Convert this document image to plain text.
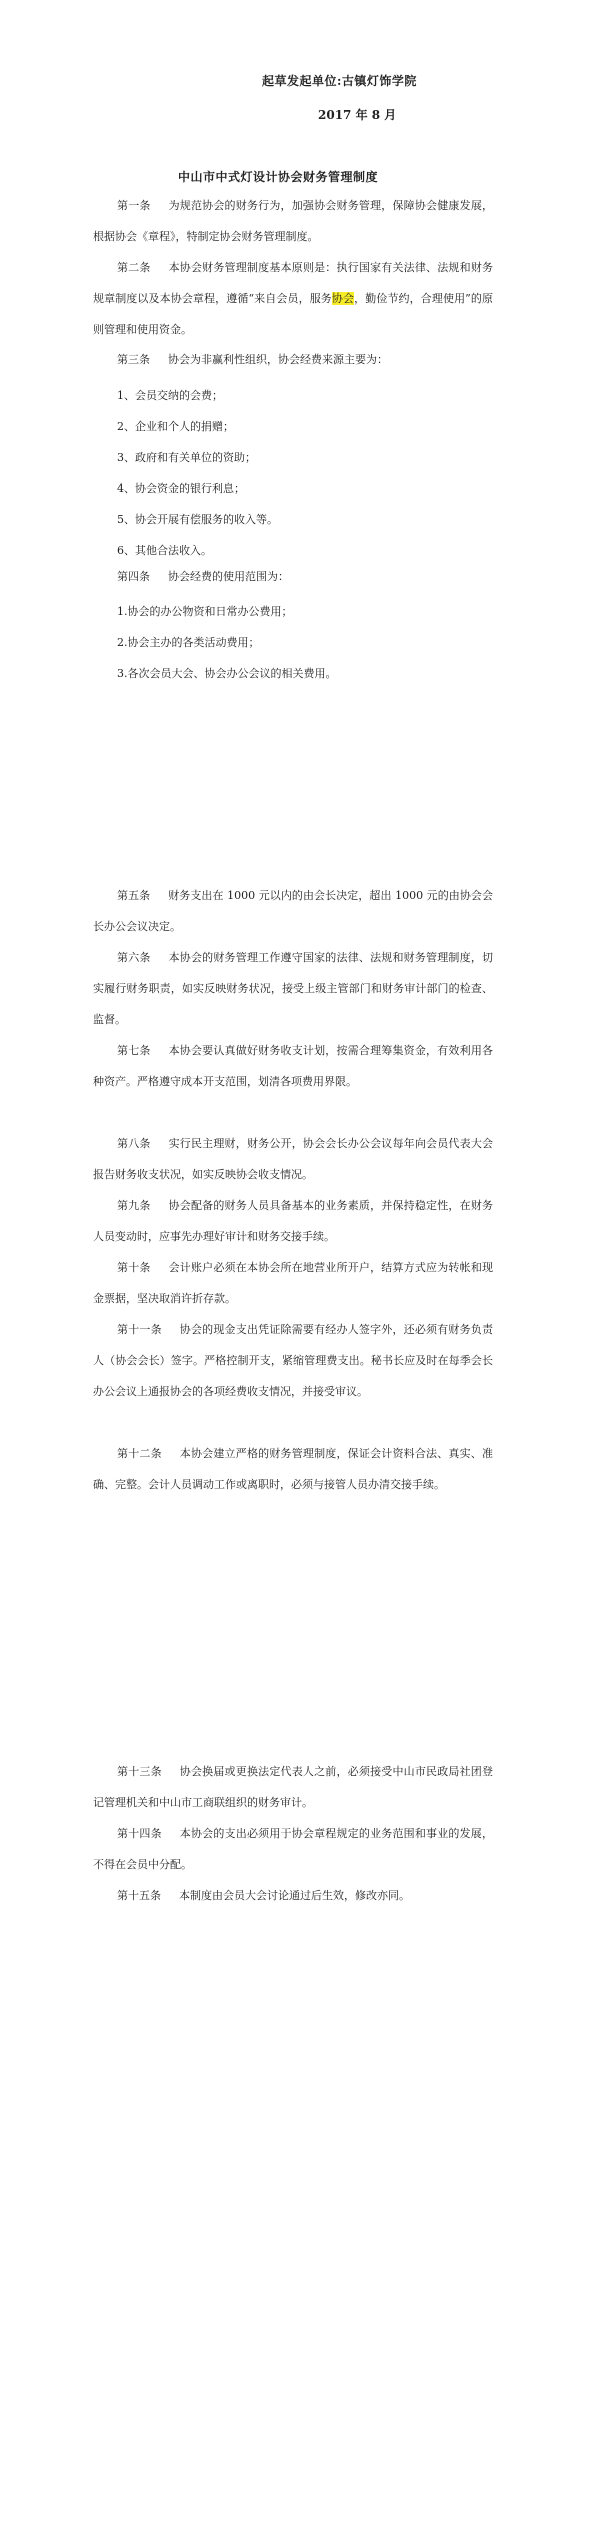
起草发起单位:古镇灯饰学院
2017 年 8 月
中山市中式灯设计协会财务管理制度

第一条 为规范协会的财务行为，加强协会财务管理，保障协会健康发展，根据协会《章程》，特制定协会财务管理制度。

第二条 本协会财务管理制度基本原则是：执行国家有关法律、法规和财务规章制度以及本协会章程，遵循“来自会员，服务协会，勤俭节约，合理使用”的原则管理和使用资金。

第三条 协会为非赢利性组织，协会经费来源主要为：

1、会员交纳的会费；
2、企业和个人的捐赠；
3、政府和有关单位的资助；
4、协会资金的银行利息；
5、协会开展有偿服务的收入等。
6、其他合法收入。

第四条 协会经费的使用范围为：

1.协会的办公物资和日常办公费用；
2.协会主办的各类活动费用；
3.各次会员大会、协会办公会议的相关费用。

第五条 财务支出在 1000 元以内的由会长决定，超出 1000 元的由协会会长办公会议决定。

第六条 本协会的财务管理工作遵守国家的法律、法规和财务管理制度，切实履行财务职责，如实反映财务状况，接受上级主管部门和财务审计部门的检查、监督。

第七条 本协会要认真做好财务收支计划，按需合理筹集资金，有效利用各种资产。严格遵守成本开支范围，划清各项费用界限。

第八条 实行民主理财，财务公开，协会会长办公会议每年向会员代表大会报告财务收支状况，如实反映协会收支情况。

第九条 协会配备的财务人员具备基本的业务素质，并保持稳定性，在财务人员变动时，应事先办理好审计和财务交接手续。

第十条 会计账户必须在本协会所在地营业所开户，结算方式应为转帐和现金票据，坚决取消许折存款。

第十一条 协会的现金支出凭证除需要有经办人签字外，还必须有财务负责人（协会会长）签字。严格控制开支，紧缩管理费支出。秘书长应及时在每季会长办公会议上通报协会的各项经费收支情况，并接受审议。

第十二条 本协会建立严格的财务管理制度，保证会计资料合法、真实、准确、完整。会计人员调动工作或离职时，必须与接管人员办清交接手续。

第十三条 协会换届或更换法定代表人之前，必须接受中山市民政局社团登记管理机关和中山市工商联组织的财务审计。

第十四条 本协会的支出必须用于协会章程规定的业务范围和事业的发展，不得在会员中分配。

第十五条 本制度由会员大会讨论通过后生效，修改亦同。
